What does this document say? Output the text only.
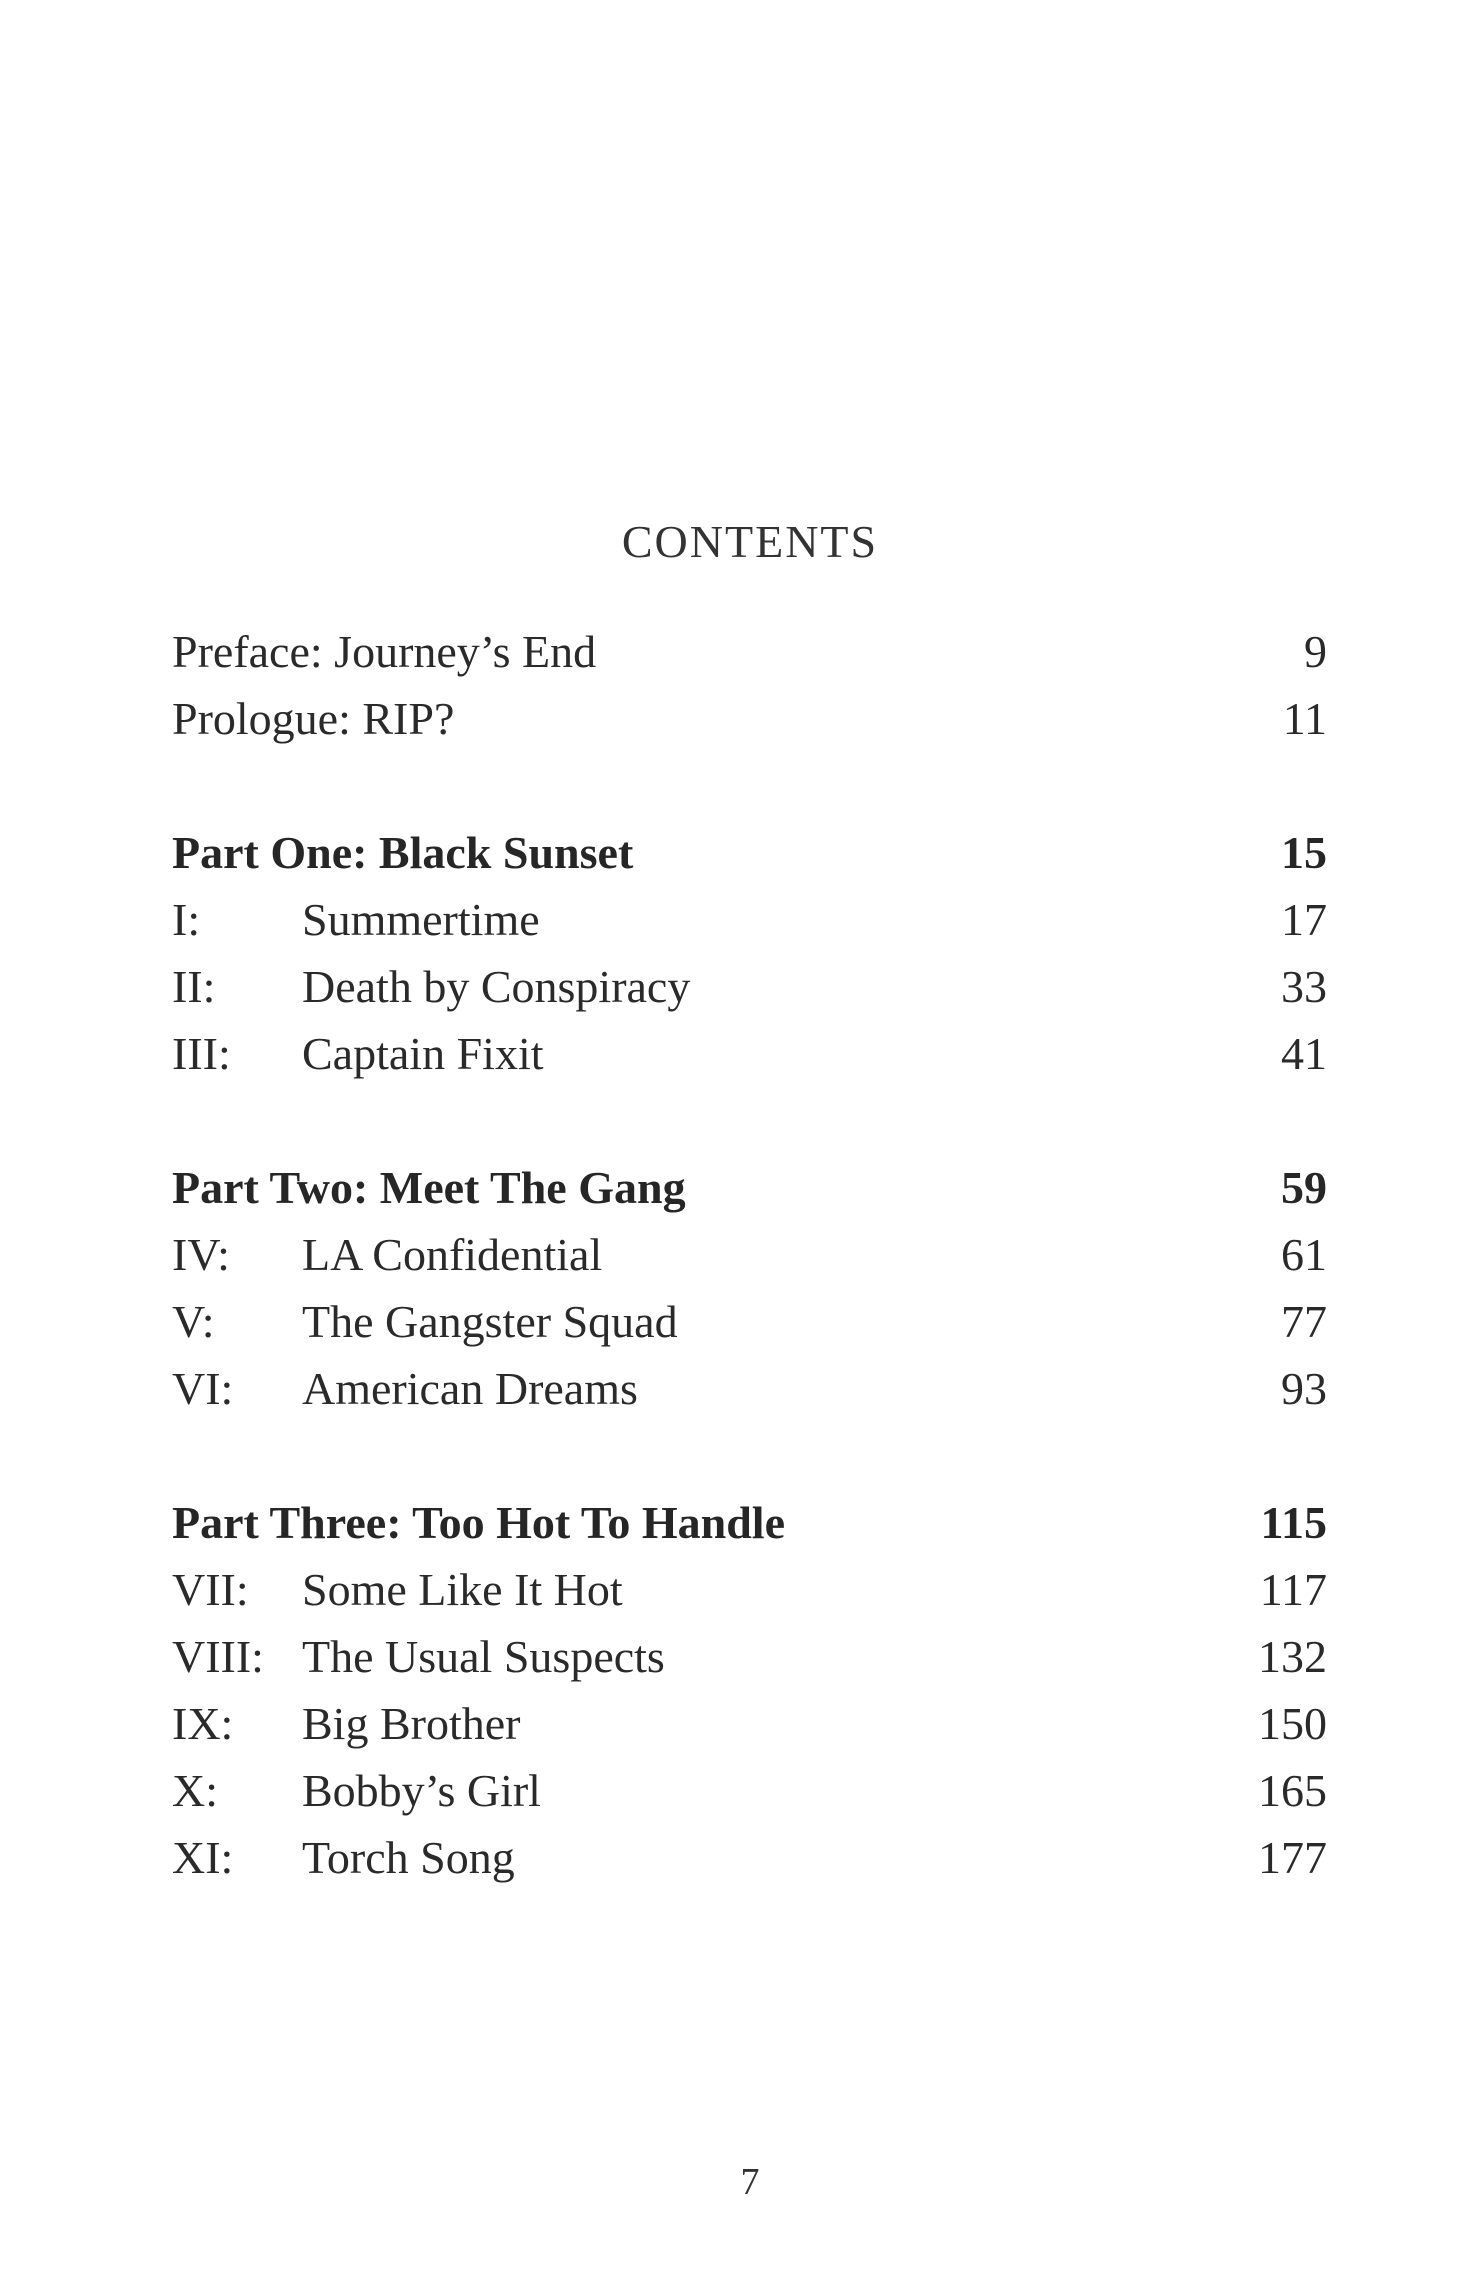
CONTENTS
Preface: Journey’s End	9
Prologue: RIP?	11
Part One: Black Sunset	15
I: Summertime	17
II: Death by Conspiracy	33
III: Captain Fixit	41
Part Two: Meet The Gang	59
IV: LA Confidential	61
V: The Gangster Squad	77
VI: American Dreams	93
Part Three: Too Hot To Handle	115
VII: Some Like It Hot	117
VIII: The Usual Suspects	132
IX: Big Brother	150
X: Bobby’s Girl	165
XI: Torch Song	177
7
